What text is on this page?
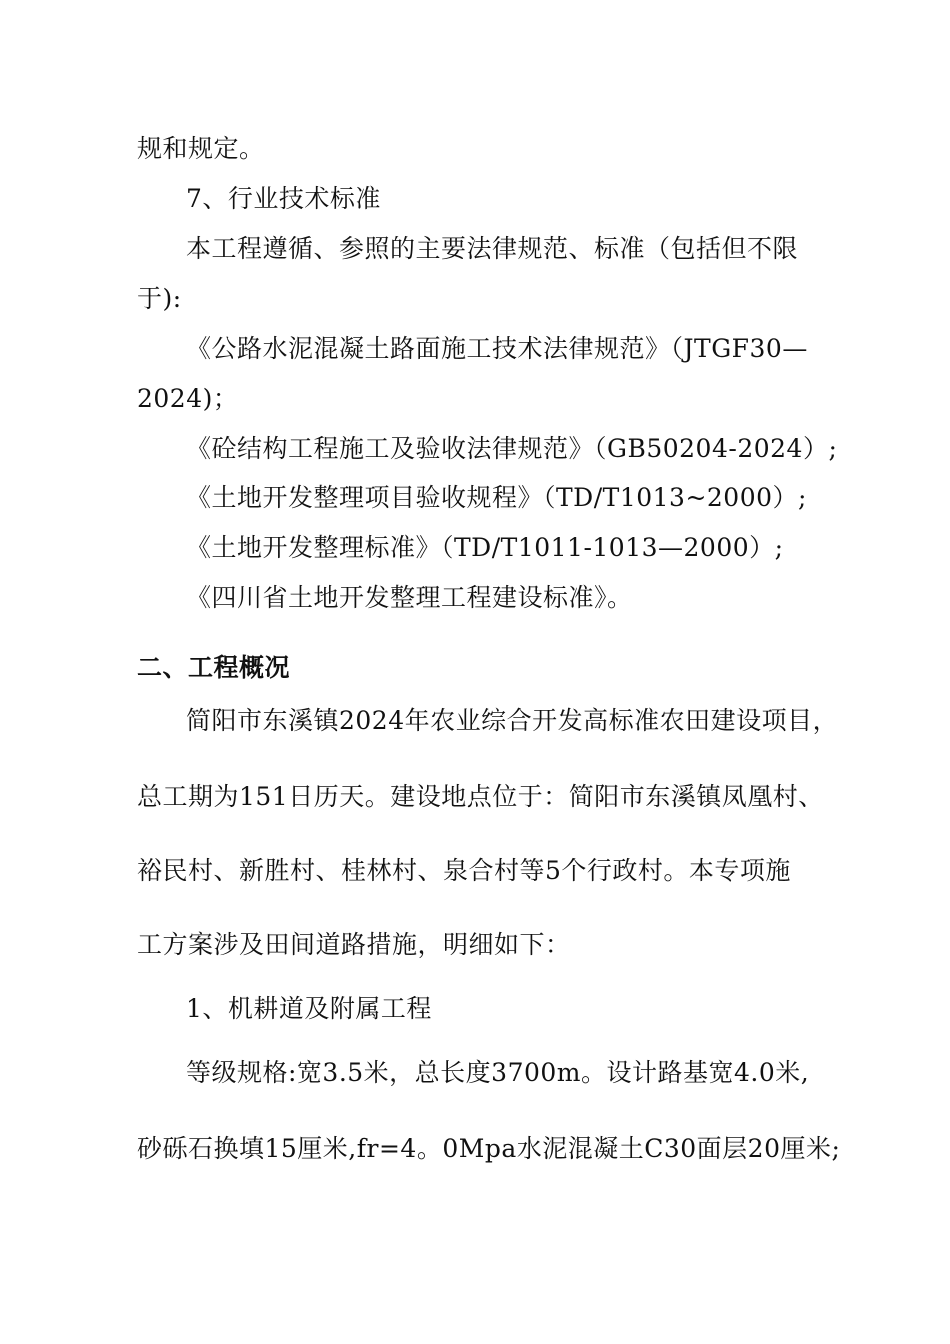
规和规定。
7、行业技术标准
本工程遵循、参照的主要法律规范、标准（包括但不限
于):
《公路水泥混凝土路面施工技术法律规范》（JTGF30—
2024)；
《砼结构工程施工及验收法律规范》（GB50204-2024）;
《土地开发整理项目验收规程》（TD/T1013~2000）;
《土地开发整理标准》（TD/T1011-1013—2000）;
《四川省土地开发整理工程建设标准》。
二、工程概况
简阳市东溪镇2024年农业综合开发高标准农田建设项目，
总工期为151日历天。建设地点位于：简阳市东溪镇凤凰村、
裕民村、新胜村、桂林村、泉合村等5个行政村。本专项施
工方案涉及田间道路措施，明细如下：
1、机耕道及附属工程
等级规格:宽3.5米，总长度3700m。设计路基宽4.0米,
砂砾石换填15厘米,fr=4。0Mpa水泥混凝土C30面层20厘米;
